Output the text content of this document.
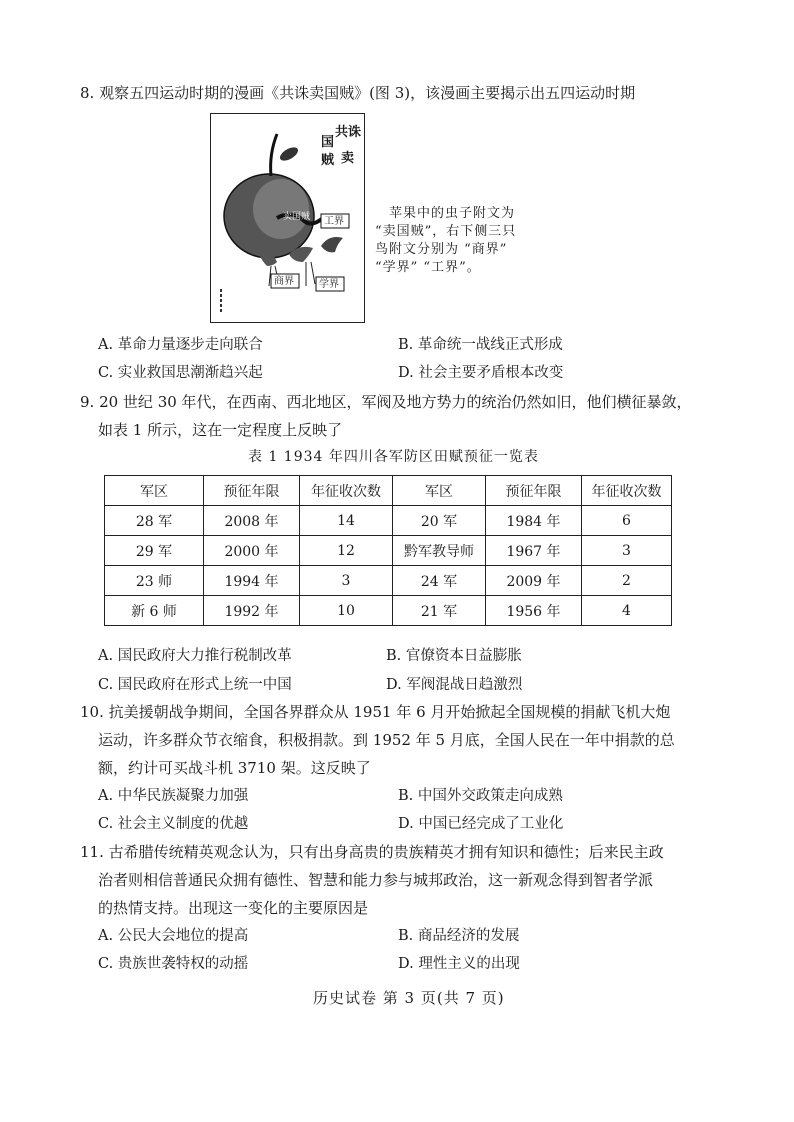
8. 观察五四运动时期的漫画《共诛卖国贼》(图 3)，该漫画主要揭示出五四运动时期
共诛
卖
国
贼
卖国贼 工界
学界
商界
苹果中的虫子附文为
“卖国贼”，右下侧三只
鸟附文分别为 “商界”
“学界” “工界”。
A. 革命力量逐步走向联合	B. 革命统一战线正式形成
C. 实业救国思潮渐趋兴起	D. 社会主要矛盾根本改变
9. 20 世纪 30 年代，在西南、西北地区，军阀及地方势力的统治仍然如旧，他们横征暴敛，
如表 1 所示，这在一定程度上反映了
表 1 1934 年四川各军防区田赋预征一览表
军区	预征年限	年征收次数	军区	预征年限	年征收次数
28 军	2008 年	14	20 军	1984 年	6
29 军	2000 年	12	黔军教导师	1967 年	3
23 师	1994 年	3	24 军	2009 年	2
新 6 师	1992 年	10	21 军	1956 年	4
A. 国民政府大力推行税制改革	B. 官僚资本日益膨胀
C. 国民政府在形式上统一中国	D. 军阀混战日趋激烈
10. 抗美援朝战争期间，全国各界群众从 1951 年 6 月开始掀起全国规模的捐献飞机大炮
运动，许多群众节衣缩食，积极捐款。到 1952 年 5 月底，全国人民在一年中捐款的总
额，约计可买战斗机 3710 架。这反映了
A. 中华民族凝聚力加强	B. 中国外交政策走向成熟
C. 社会主义制度的优越	D. 中国已经完成了工业化
11. 古希腊传统精英观念认为，只有出身高贵的贵族精英才拥有知识和德性；后来民主政
治者则相信普通民众拥有德性、智慧和能力参与城邦政治，这一新观念得到智者学派
的热情支持。出现这一变化的主要原因是
A. 公民大会地位的提高	B. 商品经济的发展
C. 贵族世袭特权的动摇	D. 理性主义的出现
历史试卷 第 3 页(共 7 页)
